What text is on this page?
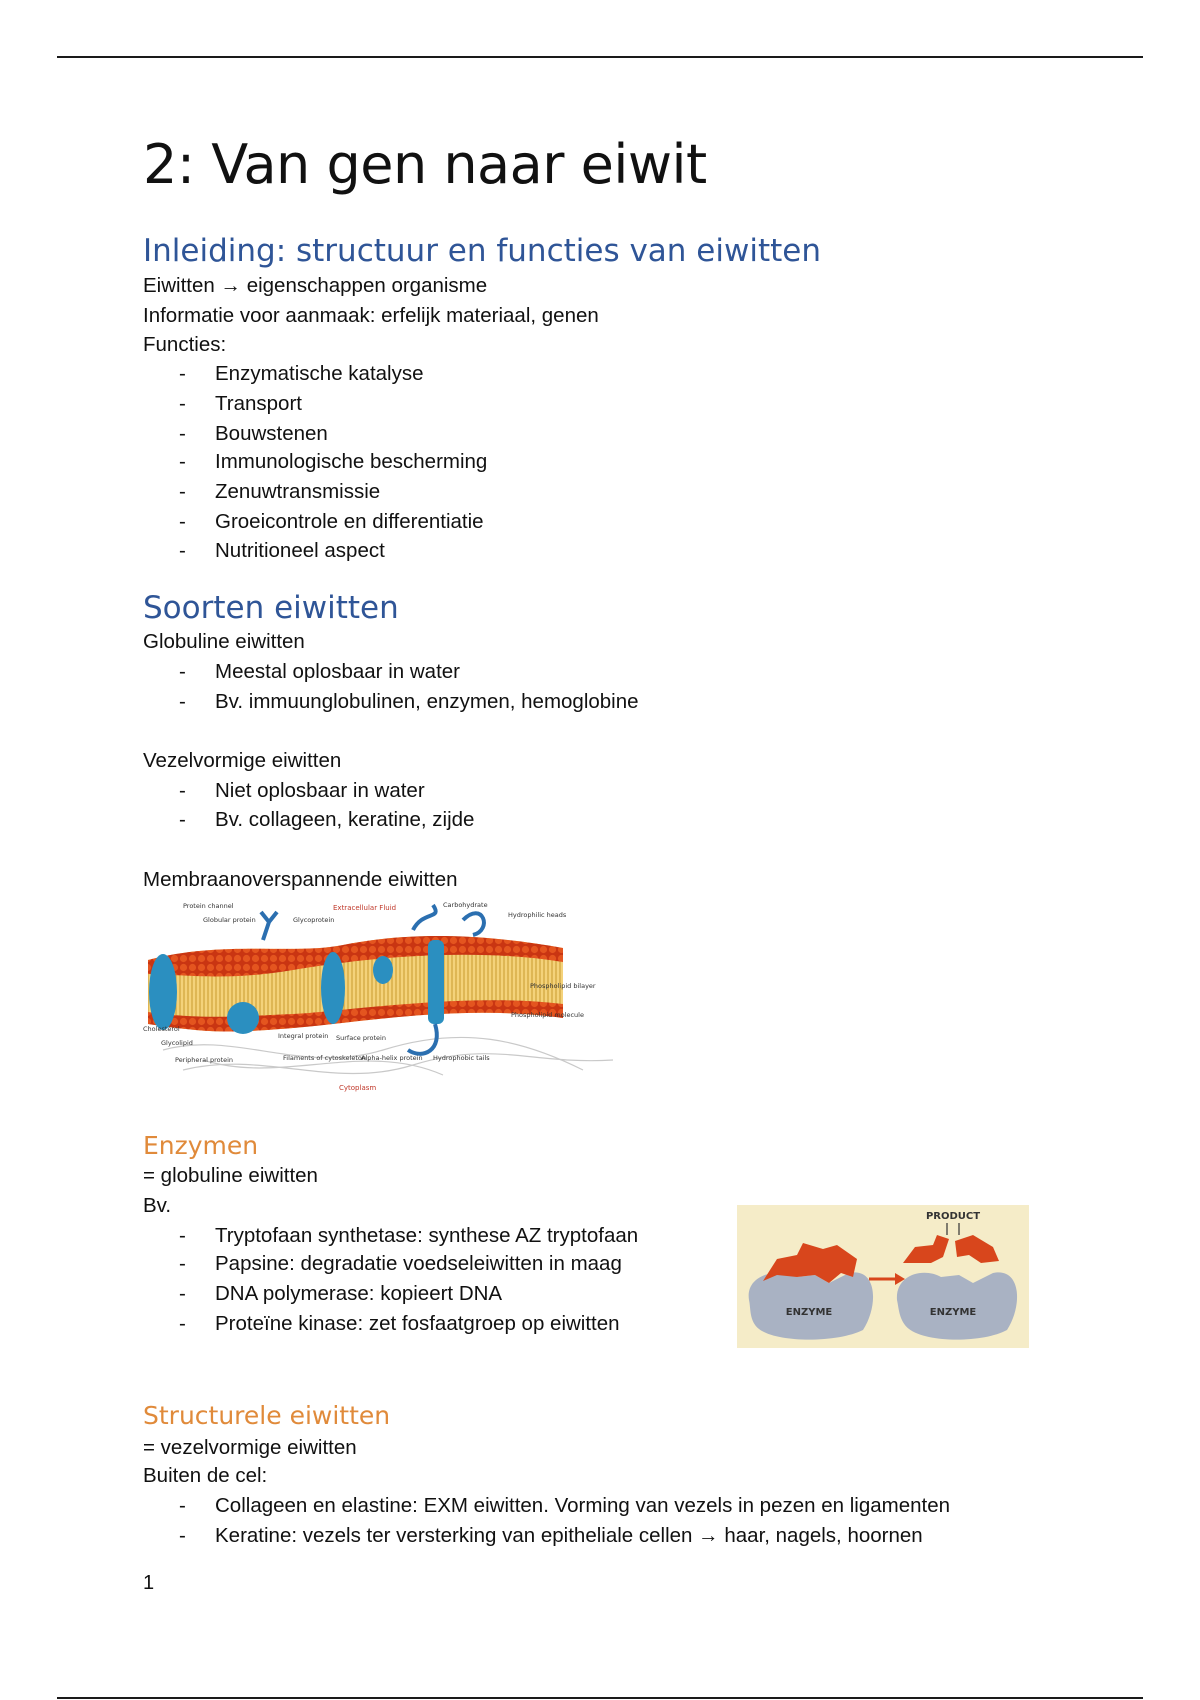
2: Van gen naar eiwit
Inleiding: structuur en functies van eiwitten
Eiwitten → eigenschappen organisme
Informatie voor aanmaak: erfelijk materiaal, genen
Functies:
- Enzymatische katalyse
- Transport
- Bouwstenen
- Immunologische bescherming
- Zenuwtransmissie
- Groeicontrole en differentiatie
- Nutritioneel aspect
Soorten eiwitten
Globuline eiwitten
- Meestal oplosbaar in water
- Bv. immuunglobulinen, enzymen, hemoglobine
Vezelvormige eiwitten
- Niet oplosbaar in water
- Bv. collageen, keratine, zijde
Membraanoverspannende eiwitten
Enzymen
= globuline eiwitten
Bv.
- Tryptofaan synthetase: synthese AZ tryptofaan
- Papsine: degradatie voedseleiwitten in maag
- DNA polymerase: kopieert DNA
- Proteïne kinase: zet fosfaatgroep op eiwitten
Structurele eiwitten
= vezelvormige eiwitten
Buiten de cel:
- Collageen en elastine: EXM eiwitten. Vorming van vezels in pezen en ligamenten
- Keratine: vezels ter versterking van epitheliale cellen → haar, nagels, hoornen
Protein channel
Globular protein	Glycoprotein
Carbohydrate
Hydrophilic heads
Phospholipid bilayer
Phospholipid molecule
Cholesterol
Glycolipid
Peripheral protein
Integral protein
Filaments of cytoskeleton
Surface protein
Alpha-helix protein Hydrophobic tails
Extracellular Fluid
Cytoplasm
PRODUCT
ENZYME	ENZYME
1
